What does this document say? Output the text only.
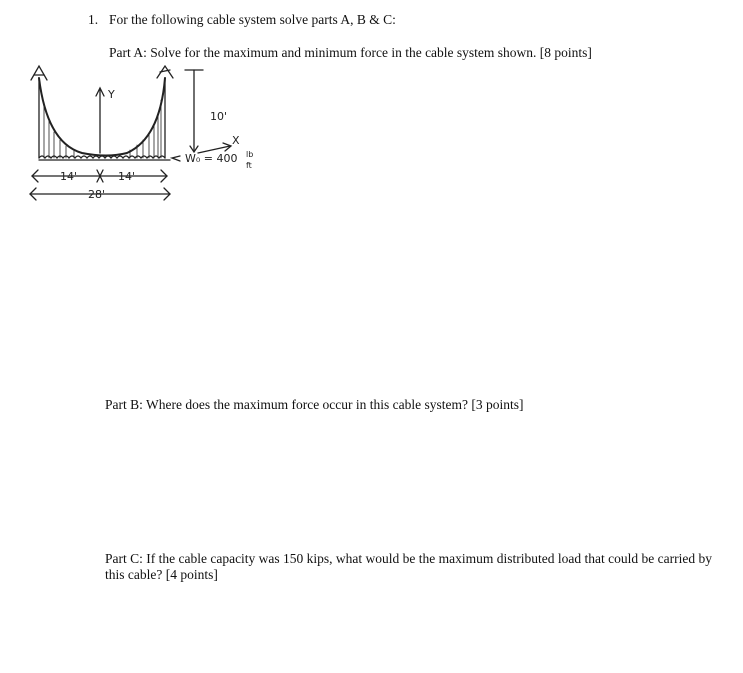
1. For the following cable system solve parts A, B & C:
Part A: Solve for the maximum and minimum force in the cable system shown. [8 points]
10'
Y
X
W₀ = 400 lb
ft
14'	14'
28'
Part B: Where does the maximum force occur in this cable system? [3 points]
Part C: If the cable capacity was 150 kips, what would be the maximum distributed load that could be carried by this cable? [4 points]
